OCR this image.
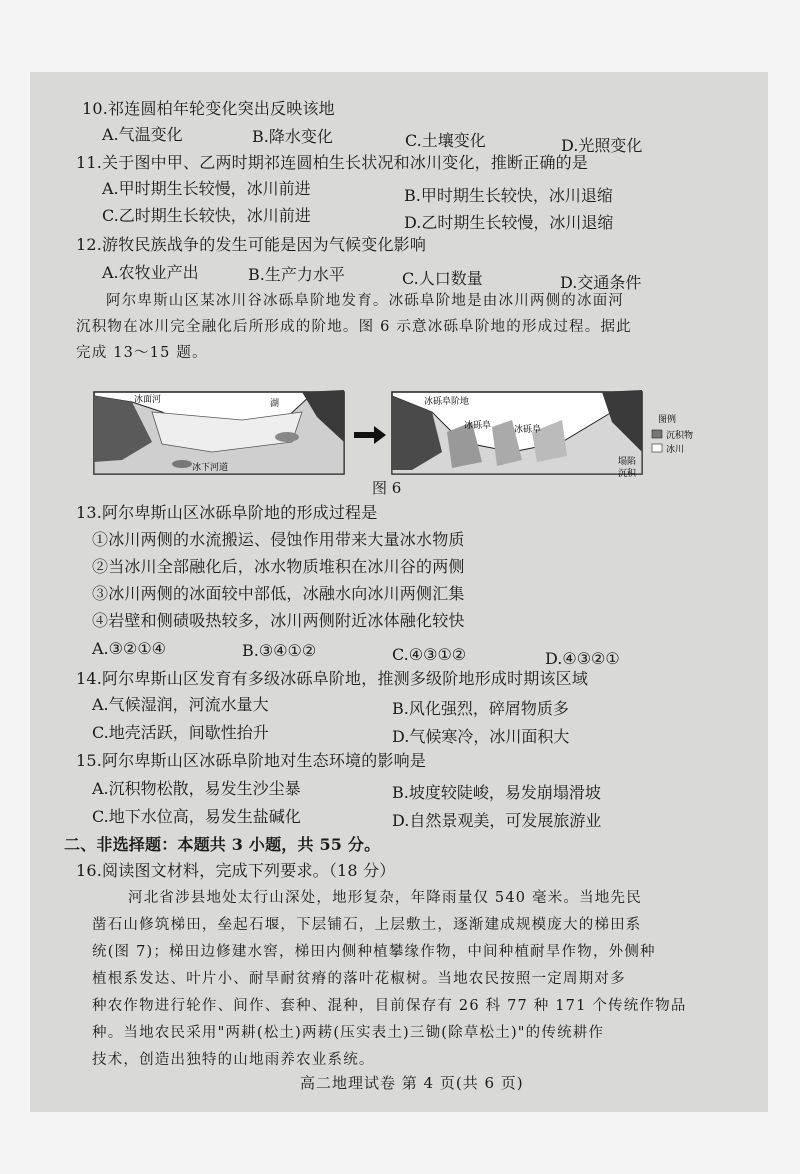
10.祁连圆柏年轮变化突出反映该地
A.气温变化	B.降水变化	C.土壤变化	D.光照变化
11.关于图中甲、乙两时期祁连圆柏生长状况和冰川变化，推断正确的是
A.甲时期生长较慢，冰川前进	B.甲时期生长较快，冰川退缩
C.乙时期生长较快，冰川前进	D.乙时期生长较慢，冰川退缩
12.游牧民族战争的发生可能是因为气候变化影响
A.农牧业产出	B.生产力水平	C.人口数量	D.交通条件
阿尔卑斯山区某冰川谷冰砾阜阶地发育。冰砾阜阶地是由冰川两侧的冰面河
沉积物在冰川完全融化后所形成的阶地。图 6 示意冰砾阜阶地的形成过程。据此
完成 13～15 题。
冰面河	湖
冰下河道
冰砾阜阶地
冰砾阜	冰砾阜
塌陷
沉积
图例
沉积物
冰川
图 6
13.阿尔卑斯山区冰砾阜阶地的形成过程是
①冰川两侧的水流搬运、侵蚀作用带来大量冰水物质
②当冰川全部融化后，冰水物质堆积在冰川谷的两侧
③冰川两侧的冰面较中部低，冰融水向冰川两侧汇集
④岩壁和侧碛吸热较多，冰川两侧附近冰体融化较快
A.③②①④	B.③④①②	C.④③①②	D.④③②①
14.阿尔卑斯山区发育有多级冰砾阜阶地，推测多级阶地形成时期该区域
A.气候湿润，河流水量大	B.风化强烈，碎屑物质多
C.地壳活跃，间歇性抬升	D.气候寒冷，冰川面积大
15.阿尔卑斯山区冰砾阜阶地对生态环境的影响是
A.沉积物松散，易发生沙尘暴	B.坡度较陡峻，易发崩塌滑坡
C.地下水位高，易发生盐碱化	D.自然景观美，可发展旅游业
二、非选择题：本题共 3 小题，共 55 分。
16.阅读图文材料，完成下列要求。（18 分）
河北省涉县地处太行山深处，地形复杂，年降雨量仅 540 毫米。当地先民
凿石山修筑梯田，垒起石堰，下层铺石，上层敷土，逐渐建成规模庞大的梯田系
统(图 7)；梯田边修建水窖，梯田内侧种植攀缘作物，中间种植耐旱作物，外侧种
植根系发达、叶片小、耐旱耐贫瘠的落叶花椒树。当地农民按照一定周期对多
种农作物进行轮作、间作、套种、混种，目前保存有 26 科 77 种 171 个传统作物品
种。当地农民采用"两耕(松土)两耢(压实表土)三锄(除草松土)"的传统耕作
技术，创造出独特的山地雨养农业系统。
高二地理试卷 第 4 页(共 6 页)
